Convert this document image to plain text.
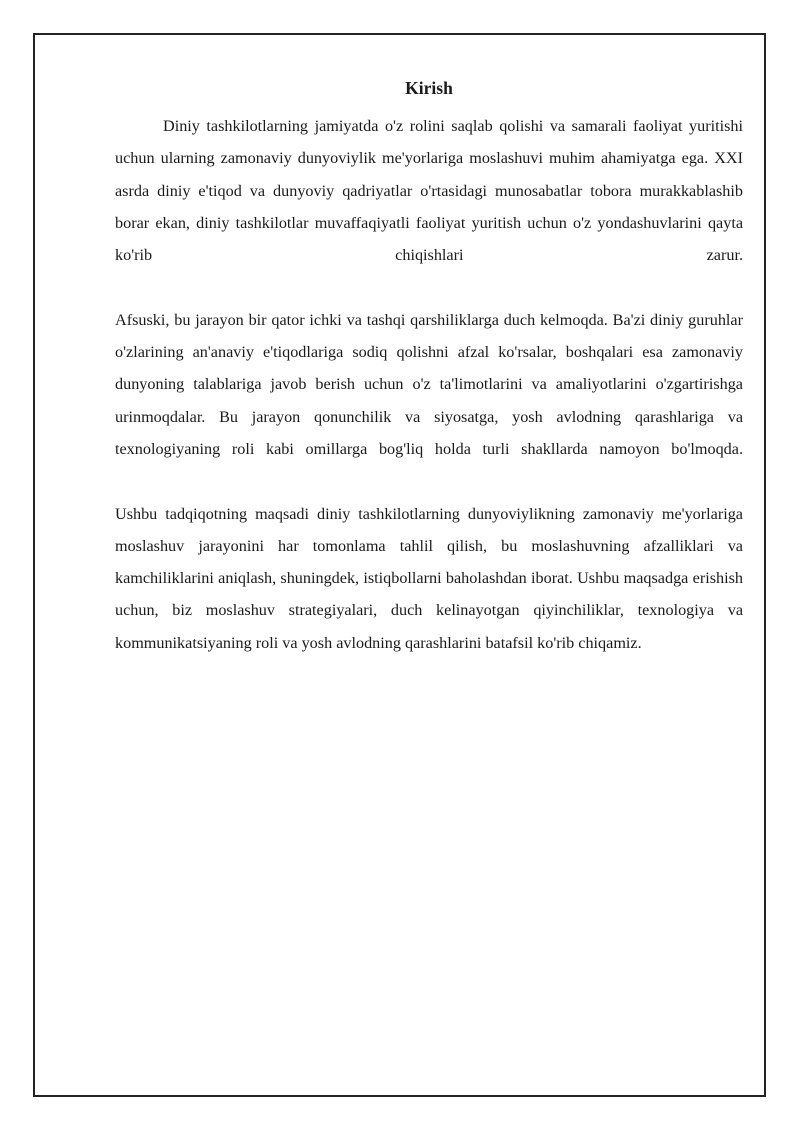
Kirish

Diniy tashkilotlarning jamiyatda o'z rolini saqlab qolishi va samarali faoliyat yuritishi uchun ularning zamonaviy dunyoviylik me'yorlariga moslashuvi muhim ahamiyatga ega. XXI asrda diniy e'tiqod va dunyoviy qadriyatlar o'rtasidagi munosabatlar tobora murakkablashib borar ekan, diniy tashkilotlar muvaffaqiyatli faoliyat yuritish uchun o'z yondashuvlarini qayta ko'rib chiqishlari zarur.

Afsuski, bu jarayon bir qator ichki va tashqi qarshiliklarga duch kelmoqda. Ba'zi diniy guruhlar o'zlarining an'anaviy e'tiqodlariga sodiq qolishni afzal ko'rsalar, boshqalari esa zamonaviy dunyoning talablariga javob berish uchun o'z ta'limotlarini va amaliyotlarini o'zgartirishga urinmoqdalar. Bu jarayon qonunchilik va siyosatga, yosh avlodning qarashlariga va texnologiyaning roli kabi omillarga bog'liq holda turli shakllarda namoyon bo'lmoqda.

Ushbu tadqiqotning maqsadi diniy tashkilotlarning dunyoviylikning zamonaviy me'yorlariga moslashuv jarayonini har tomonlama tahlil qilish, bu moslashuvning afzalliklari va kamchiliklarini aniqlash, shuningdek, istiqbollarni baholashdan iborat. Ushbu maqsadga erishish uchun, biz moslashuv strategiyalari, duch kelinayotgan qiyinchiliklar, texnologiya va kommunikatsiyaning roli va yosh avlodning qarashlarini batafsil ko'rib chiqamiz.
